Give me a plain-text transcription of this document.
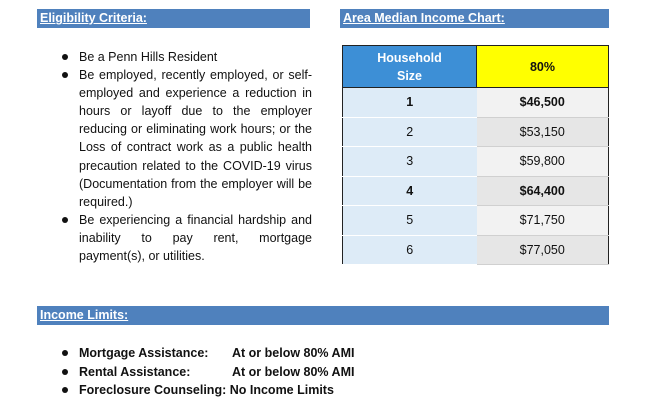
Eligibility Criteria:
Be a Penn Hills Resident
Be employed, recently employed, or self-employed and experience a reduction in hours or layoff due to the employer reducing or eliminating work hours; or the Loss of contract work as a public health precaution related to the COVID-19 virus (Documentation from the employer will be required.)
Be experiencing a financial hardship and inability to pay rent, mortgage payment(s), or utilities.
Area Median Income Chart:
Household
Size	80%
1	$46,500
2	$53,150
3	$59,800
4	$64,400
5	$71,750
6	$77,050
Income Limits:
Mortgage Assistance: At or below 80% AMI
Rental Assistance:	At or below 80% AMI
Foreclosure Counseling: No Income Limits
